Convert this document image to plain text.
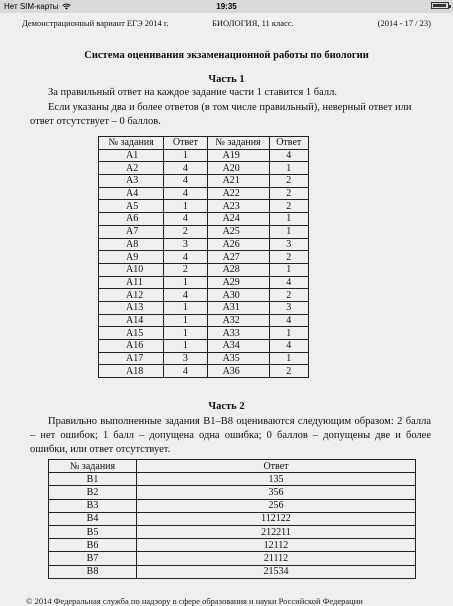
Нет SIM-карты	19:35
Демонстрационный вариант ЕГЭ 2014 г.	БИОЛОГИЯ, 11 класс.	(2014 - 17 / 23)
Система оценивания экзаменационной работы по биологии
Часть 1
За правильный ответ на каждое задание части 1 ставится 1 балл.
Если указаны два и более ответов (в том числе правильный), неверный ответ или ответ отсутствует – 0 баллов.
№ задания	Ответ	№ задания	Ответ
А1	1	А19	4
А2	4	А20	1
А3	4	А21	2
А4	4	А22	2
А5	1	А23	2
А6	4	А24	1
А7	2	А25	1
А8	3	А26	3
А9	4	А27	2
А10	2	А28	1
А11	1	А29	4
А12	4	А30	2
А13	1	А31	3
А14	1	А32	4
А15	1	А33	1
А16	1	А34	4
А17	3	А35	1
А18	4	А36	2
Часть 2
Правильно выполненные задания В1–В8 оцениваются следующим образом: 2 балла – нет ошибок; 1 балл – допущена одна ошибка; 0 баллов – допущены две и более ошибки, или ответ отсутствует.
№ задания	Ответ
В1	135
В2	356
В3	256
В4	112122
В5	212211
В6	12112
В7	21112
В8	21534
© 2014 Федеральная служба по надзору в сфере образования и науки Российской Федерации
